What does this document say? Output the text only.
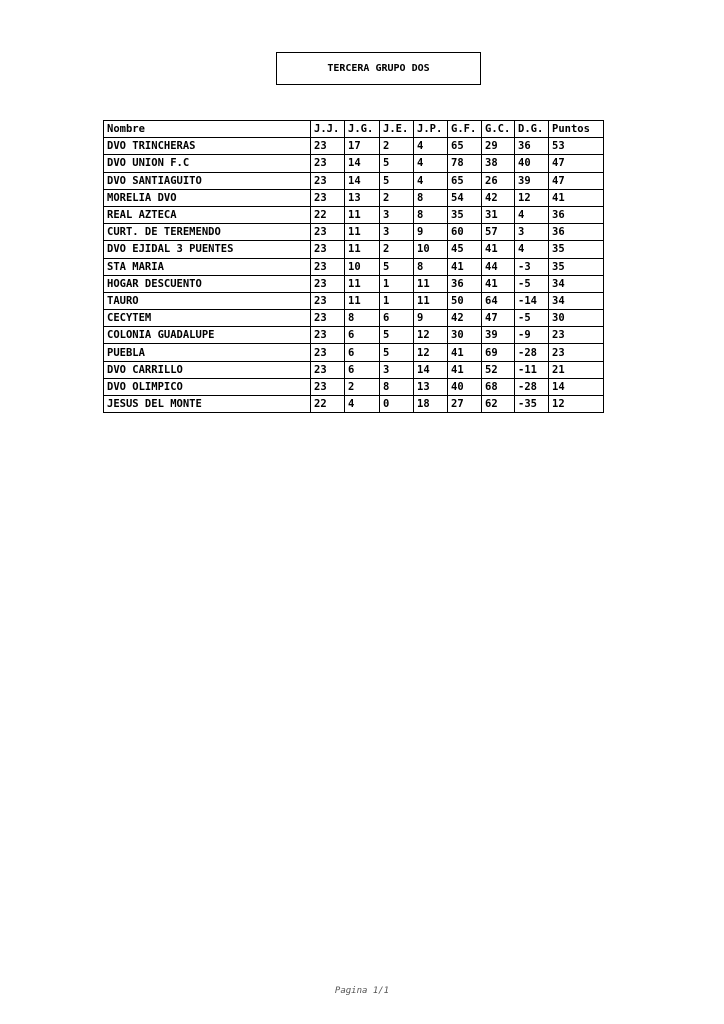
TERCERA GRUPO DOS
Nombre	J.J.	J.G.	J.E.	J.P.	G.F.	G.C.	D.G.	Puntos
DVO TRINCHERAS	23	17	2	4	65	29	36	53
DVO UNION F.C	23	14	5	4	78	38	40	47
DVO SANTIAGUITO	23	14	5	4	65	26	39	47
MORELIA DVO	23	13	2	8	54	42	12	41
REAL AZTECA	22	11	3	8	35	31	4	36
CURT. DE TEREMENDO	23	11	3	9	60	57	3	36
DVO EJIDAL 3 PUENTES	23	11	2	10	45	41	4	35
STA MARIA	23	10	5	8	41	44	-3	35
HOGAR DESCUENTO	23	11	1	11	36	41	-5	34
TAURO	23	11	1	11	50	64	-14	34
CECYTEM	23	8	6	9	42	47	-5	30
COLONIA GUADALUPE	23	6	5	12	30	39	-9	23
PUEBLA	23	6	5	12	41	69	-28	23
DVO CARRILLO	23	6	3	14	41	52	-11	21
DVO OLIMPICO	23	2	8	13	40	68	-28	14
JESUS DEL MONTE	22	4	0	18	27	62	-35	12
Pagina 1/1
